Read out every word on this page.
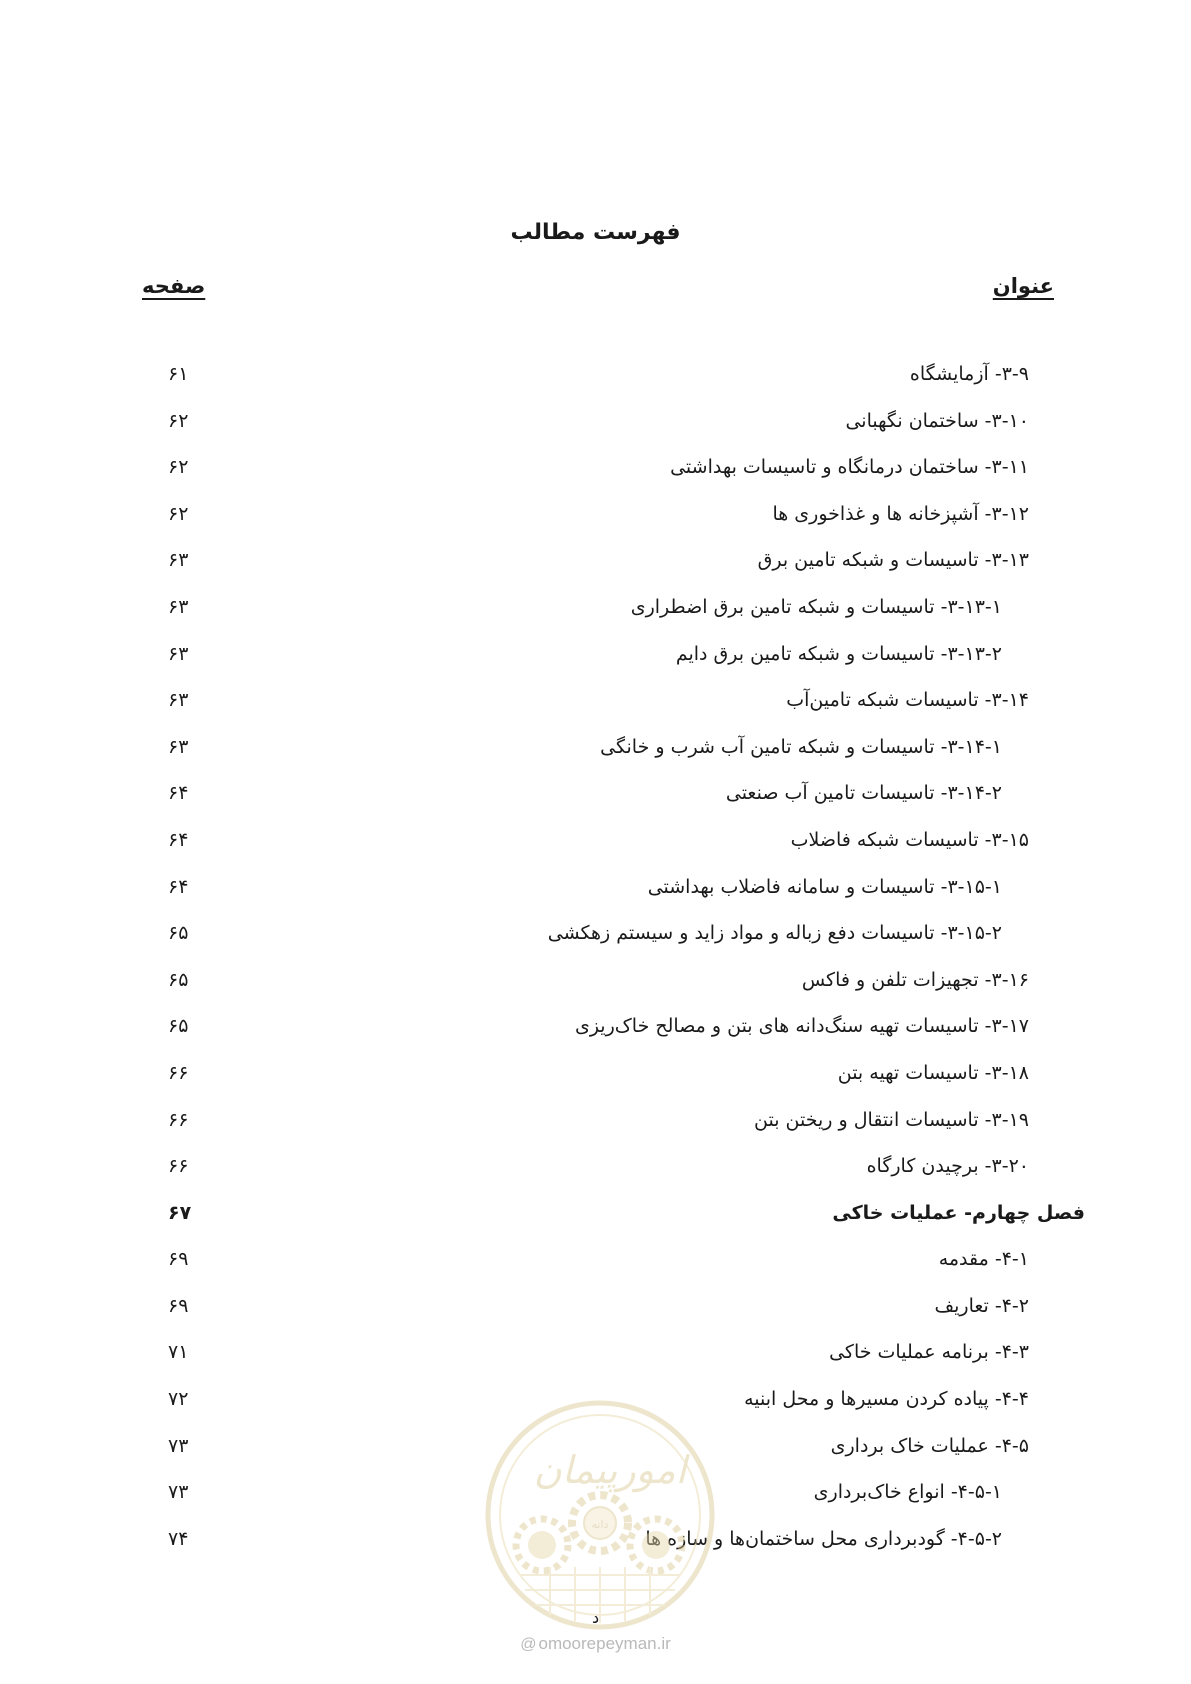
فهرست مطالب
عنوان
صفحه
۳-۹- آزمایشگاه
۶۱
۳-۱۰- ساختمان نگهبانی
۶۲
۳-۱۱- ساختمان درمانگاه و تاسیسات بهداشتی
۶۲
۳-۱۲- آشپزخانه ها و غذاخوری ها
۶۲
۳-۱۳- تاسیسات و شبکه تامین برق
۶۳
۳-۱۳-۱- تاسیسات و شبکه تامین برق اضطراری
۶۳
۳-۱۳-۲- تاسیسات و شبکه تامین برق دایم
۶۳
۳-۱۴- تاسیسات شبکه تامین‌آب
۶۳
۳-۱۴-۱- تاسیسات و شبکه تامین آب شرب و خانگی
۶۳
۳-۱۴-۲- تاسیسات تامین آب صنعتی
۶۴
۳-۱۵- تاسیسات شبکه فاضلاب
۶۴
۳-۱۵-۱- تاسیسات و سامانه فاضلاب بهداشتی
۶۴
۳-۱۵-۲- تاسیسات دفع زباله و مواد زاید و سیستم زهکشی
۶۵
۳-۱۶- تجهیزات تلفن و فاکس
۶۵
۳-۱۷- تاسیسات تهیه سنگ‌دانه های بتن و مصالح خاک‌ریزی
۶۵
۳-۱۸- تاسیسات تهیه بتن
۶۶
۳-۱۹- تاسیسات انتقال و ریختن بتن
۶۶
۳-۲۰- برچیدن کارگاه
۶۶
فصل چهارم- عملیات خاکی
۶۷
۴-۱- مقدمه
۶۹
۴-۲- تعاریف
۶۹
۴-۳- برنامه عملیات خاکی
۷۱
۴-۴- پیاده کردن مسیرها و محل ابنیه
۷۲
۴-۵- عملیات خاک برداری
۷۳
۴-۵-۱- انواع خاک‌برداری
۷۳
۴-۵-۲- گودبرداری محل ساختمان‌ها و سازه ها
۷۴
امورپیمان
دانه
د
@ omoorepeyman.ir
